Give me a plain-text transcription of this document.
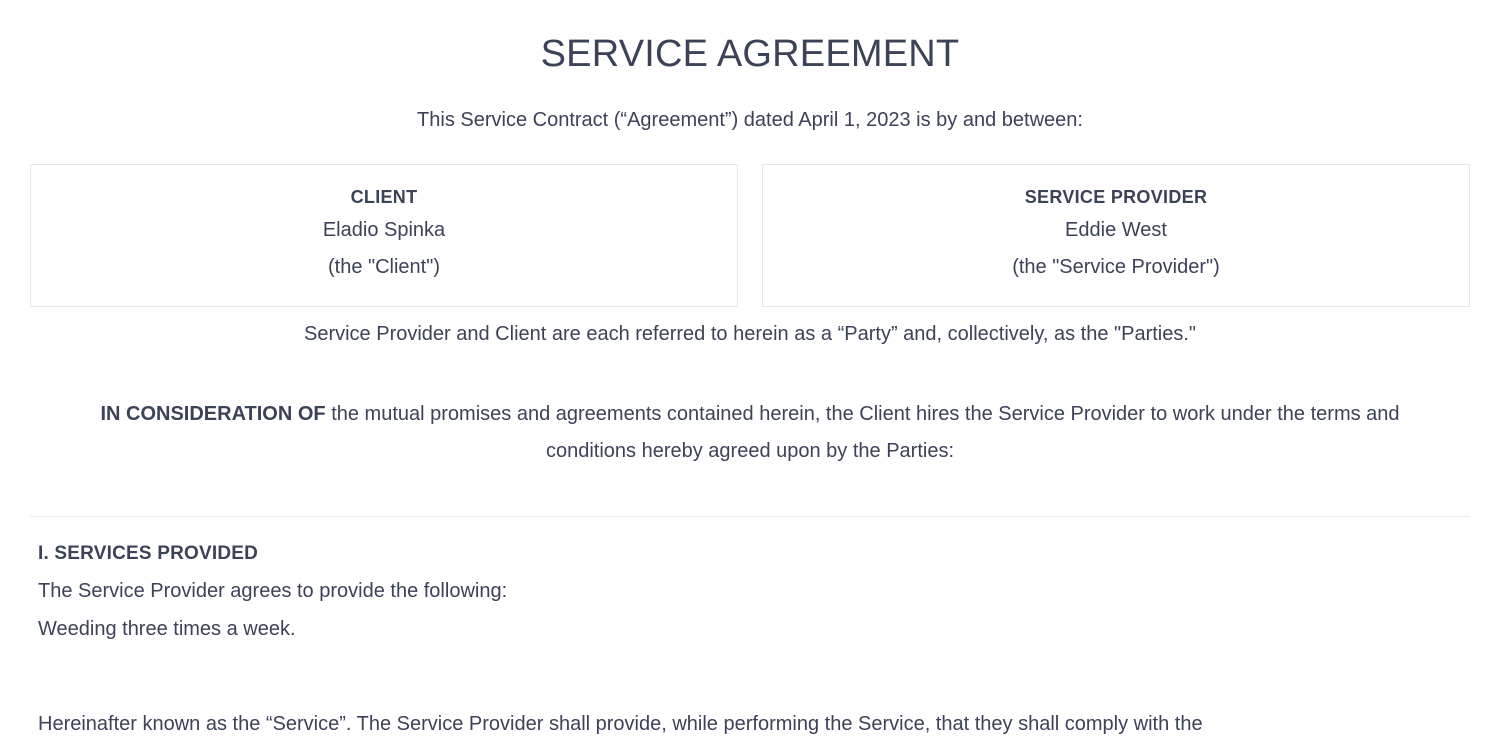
SERVICE AGREEMENT

This Service Contract (“Agreement”) dated April 1, 2023 is by and between:

CLIENT
Eladio Spinka
(the "Client")
SERVICE PROVIDER
Eddie West
(the "Service Provider")

Service Provider and Client are each referred to herein as a “Party” and, collectively, as the "Parties."

IN CONSIDERATION OF the mutual promises and agreements contained herein, the Client hires the Service Provider to work under the terms and conditions hereby agreed upon by the Parties:

I. SERVICES PROVIDED

The Service Provider agrees to provide the following:

Weeding three times a week.

Hereinafter known as the “Service”. The Service Provider shall provide, while performing the Service, that they shall comply with the
